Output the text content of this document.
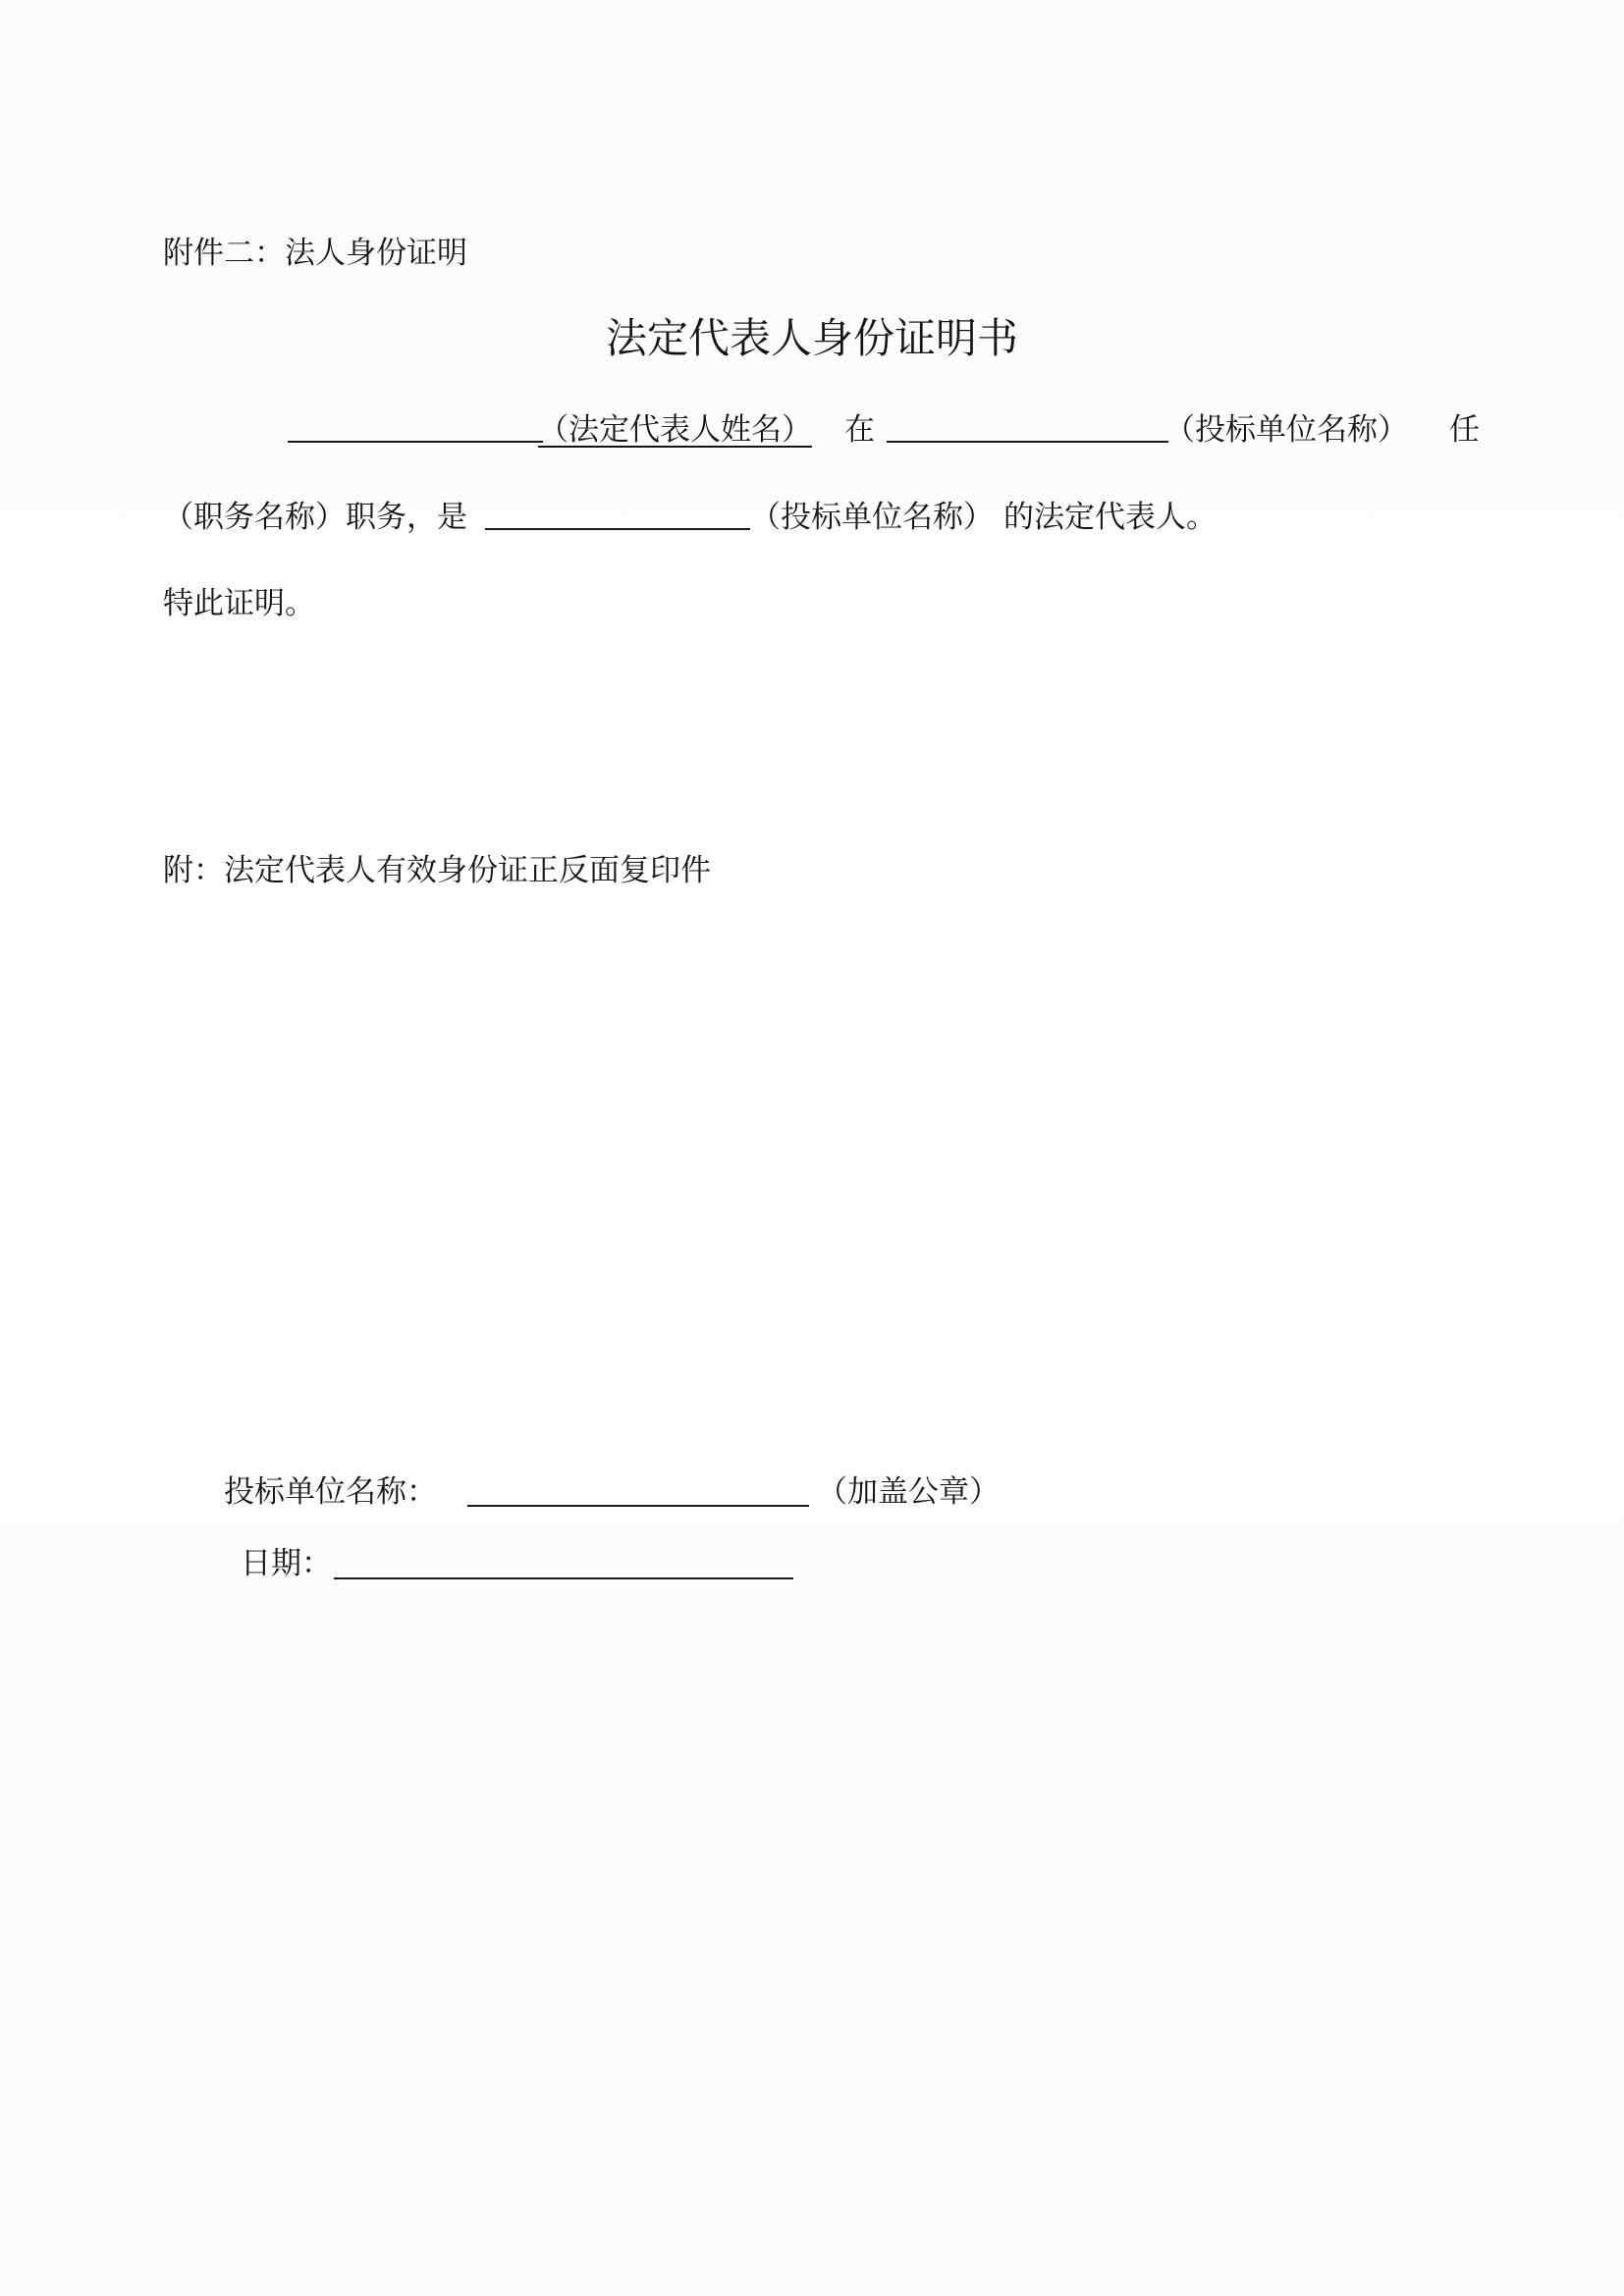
附件二：法人身份证明
法定代表人身份证明书
（法定代表人姓名） 在	（投标单位名称） 任
（职务名称）职务，是	（投标单位名称） 的法定代表人。
特此证明。
附：法定代表人有效身份证正反面复印件
投标单位名称：	（加盖公章）
日期：
